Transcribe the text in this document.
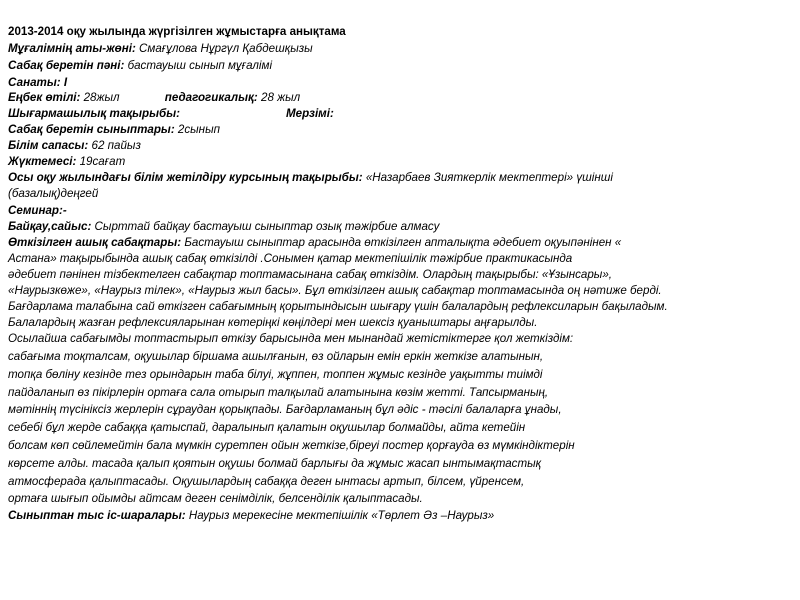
2013-2014 оқу жылында жүргізілген жұмыстарға анықтама
Мұғалімнің аты-жөні: Смағұлова Нұргүл Қабдешқызы
Сабақ беретін пәні: бастауыш сынып мұғалімі
Санаты: І
Еңбек өтілі: 28жыл	педагогикалық: 28 жыл
Шығармашылық тақырыбы:	Мерзімі:
Сабақ беретін сыныптары: 2сынып
Білім сапасы: 62 пайыз
Жүктемесі: 19сағат
Осы оқу жылындағы білім жетілдіру курсының тақырыбы: «Назарбаев Зияткерлік мектептері» үшінші
(базалық)деңгей
Семинар:-
Байқау,сайыс: Сырттай байқау бастауыш сыныптар озық тәжірбие алмасу
Өткізілген ашық сабақтары: Бастауыш сыныптар арасында өткізілген апталықта әдебиет оқуыпәнінен «
Астана» тақырыбында ашық сабақ өткізілді .Сонымен қатар мектепішілік тәжірбие практикасында
әдебиет пәнінен тізбектелген сабақтар топтамасынана сабақ өткіздім. Олардың тақырыбы: «Ұзынсары»,
«Наурызкөже», «Наурыз тілек», «Наурыз жыл басы». Бұл өткізілген ашық сабақтар топтамасында оң нәтиже берді.
Бағдарлама талабына сай өткізген сабағымның қорытындысын шығару үшін балалардың рефлексиларын бақыладым.
Балалардың жазған рефлексияларынан көтеріңкі көңілдері мен шексіз қуаныштары аңғарылды.
Осылайша сабағымды топтастырып өткізу барысында мен мынандай жетістіктерге қол жеткіздім:
сабағыма тоқталсам, оқушылар біршама ашылғанын, өз ойларын емін еркін жеткізе алатынын,
топқа бөліну кезінде тез орындарын таба білуі, жұппен, топпен жұмыс кезінде уақытты тиімді
пайдаланып өз пікірлерін ортаға сала отырып талқылай алатынына көзім жетті. Тапсырманың,
мәтіннің түсініксіз жерлерін сұраудан қорықпады. Бағдарламаның бұл әдіс - тәсілі балаларға ұнады,
себебі бұл жерде сабаққа қатыспай, даралынып қалатын оқушылар болмайды, айта кетейін
болсам көп сөйлемейтін бала мүмкін суретпен ойын жеткізе,біреуі постер қорғауда өз мүмкіндіктерін
көрсете алды. тасада қалып қоятын оқушы болмай барлығы да жұмыс жасап ынтымақтастық
атмосферада қалыптасады. Оқушылардың сабаққа деген ынтасы артып, білсем, үйренсем,
ортаға шығып ойымды айтсам деген сенімділік, белсенділік қалыптасады.
Сыныптан тыс іс-шаралары: Наурыз мерекесіне мектепішілік «Төрлет Әз –Наурыз»
